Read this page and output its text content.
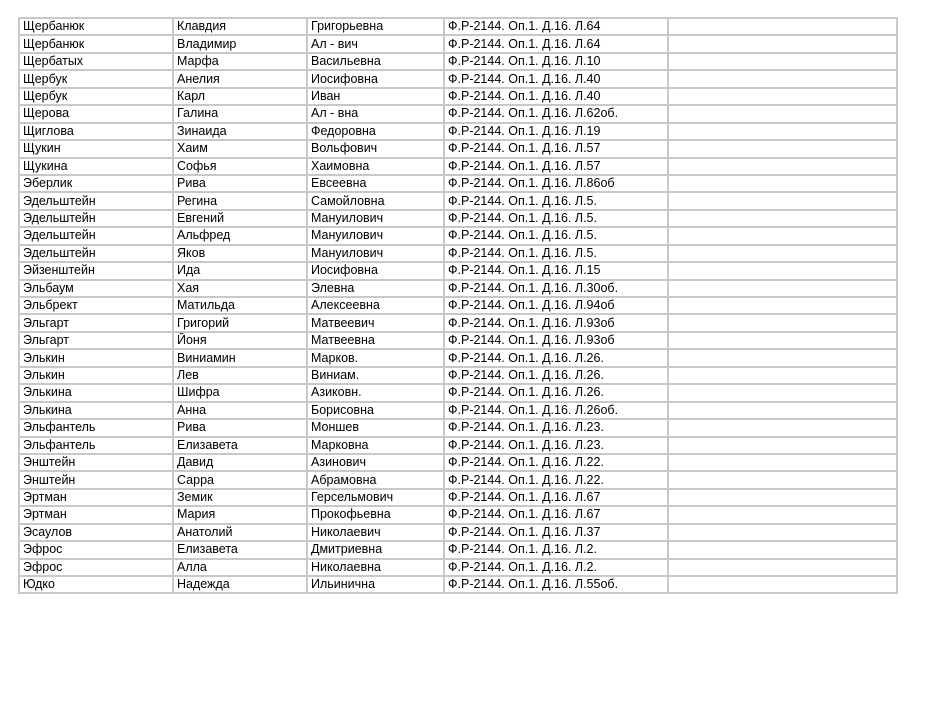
Щербанюк	Клавдия	Григорьевна	Ф.Р-2144. Оп.1. Д.16. Л.64	
Щербанюк	Владимир	Ал - вич	Ф.Р-2144. Оп.1. Д.16. Л.64	
Щербатых	Марфа	Васильевна	Ф.Р-2144. Оп.1. Д.16. Л.10	
Щербук	Анелия	Иосифовна	Ф.Р-2144. Оп.1. Д.16. Л.40	
Щербук	Карл	Иван	Ф.Р-2144. Оп.1. Д.16. Л.40	
Щерова	Галина	Ал - вна	Ф.Р-2144. Оп.1. Д.16. Л.62об.	
Щиглова	Зинаида	Федоровна	Ф.Р-2144. Оп.1. Д.16. Л.19	
Щукин	Хаим	Вольфович	Ф.Р-2144. Оп.1. Д.16. Л.57	
Щукина	Софья	Хаимовна	Ф.Р-2144. Оп.1. Д.16. Л.57	
Эберлик	Рива	Евсеевна	Ф.Р-2144. Оп.1. Д.16. Л.86об	
Эдельштейн	Регина	Самойловна	Ф.Р-2144. Оп.1. Д.16. Л.5.	
Эдельштейн	Евгений	Мануилович	Ф.Р-2144. Оп.1. Д.16. Л.5.	
Эдельштейн	Альфред	Мануилович	Ф.Р-2144. Оп.1. Д.16. Л.5.	
Эдельштейн	Яков	Мануилович	Ф.Р-2144. Оп.1. Д.16. Л.5.	
Эйзенштейн	Ида	Иосифовна	Ф.Р-2144. Оп.1. Д.16. Л.15	
Эльбаум	Хая	Элевна	Ф.Р-2144. Оп.1. Д.16. Л.30об.	
Эльбрект	Матильда	Алексеевна	Ф.Р-2144. Оп.1. Д.16. Л.94об	
Эльгарт	Григорий	Матвеевич	Ф.Р-2144. Оп.1. Д.16. Л.93об	
Эльгарт	Йоня	Матвеевна	Ф.Р-2144. Оп.1. Д.16. Л.93об	
Элькин	Виниамин	Марков.	Ф.Р-2144. Оп.1. Д.16. Л.26.	
Элькин	Лев	Виниам.	Ф.Р-2144. Оп.1. Д.16. Л.26.	
Элькина	Шифра	Азиковн.	Ф.Р-2144. Оп.1. Д.16. Л.26.	
Элькина	Анна	Борисовна	Ф.Р-2144. Оп.1. Д.16. Л.26об.	
Эльфантель	Рива	Моншев	Ф.Р-2144. Оп.1. Д.16. Л.23.	
Эльфантель	Елизавета	Марковна	Ф.Р-2144. Оп.1. Д.16. Л.23.	
Энштейн	Давид	Азинович	Ф.Р-2144. Оп.1. Д.16. Л.22.	
Энштейн	Сарра	Абрамовна	Ф.Р-2144. Оп.1. Д.16. Л.22.	
Эртман	Земик	Герсельмович	Ф.Р-2144. Оп.1. Д.16. Л.67	
Эртман	Мария	Прокофьевна	Ф.Р-2144. Оп.1. Д.16. Л.67	
Эсаулов	Анатолий	Николаевич	Ф.Р-2144. Оп.1. Д.16. Л.37	
Эфрос	Елизавета	Дмитриевна	Ф.Р-2144. Оп.1. Д.16. Л.2.	
Эфрос	Алла	Николаевна	Ф.Р-2144. Оп.1. Д.16. Л.2.	
Юдко	Надежда	Ильинична	Ф.Р-2144. Оп.1. Д.16. Л.55об.	
